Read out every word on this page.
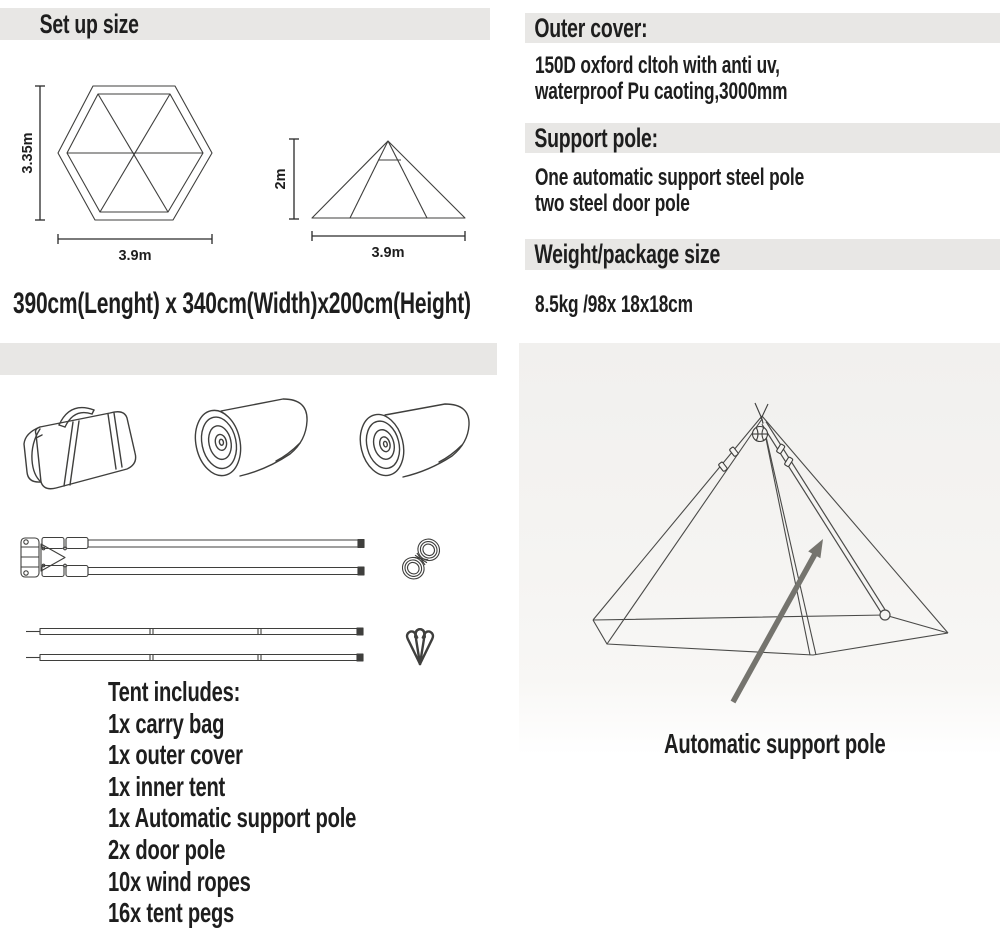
Set up size
3.35m
3.9m
2m
3.9m
390cm(Lenght) x 340cm(Width)x200cm(Height)
Outer cover:
150D oxford cltoh with anti uv,
waterproof Pu caoting,3000mm
Support pole:
One automatic support steel pole
two steel door pole
Weight/package size
8.5kg /98x 18x18cm
Tent includes:
1x carry bag
1x outer cover
1x inner tent
1x Automatic support pole
2x door pole
10x wind ropes
16x tent pegs
Automatic support pole
